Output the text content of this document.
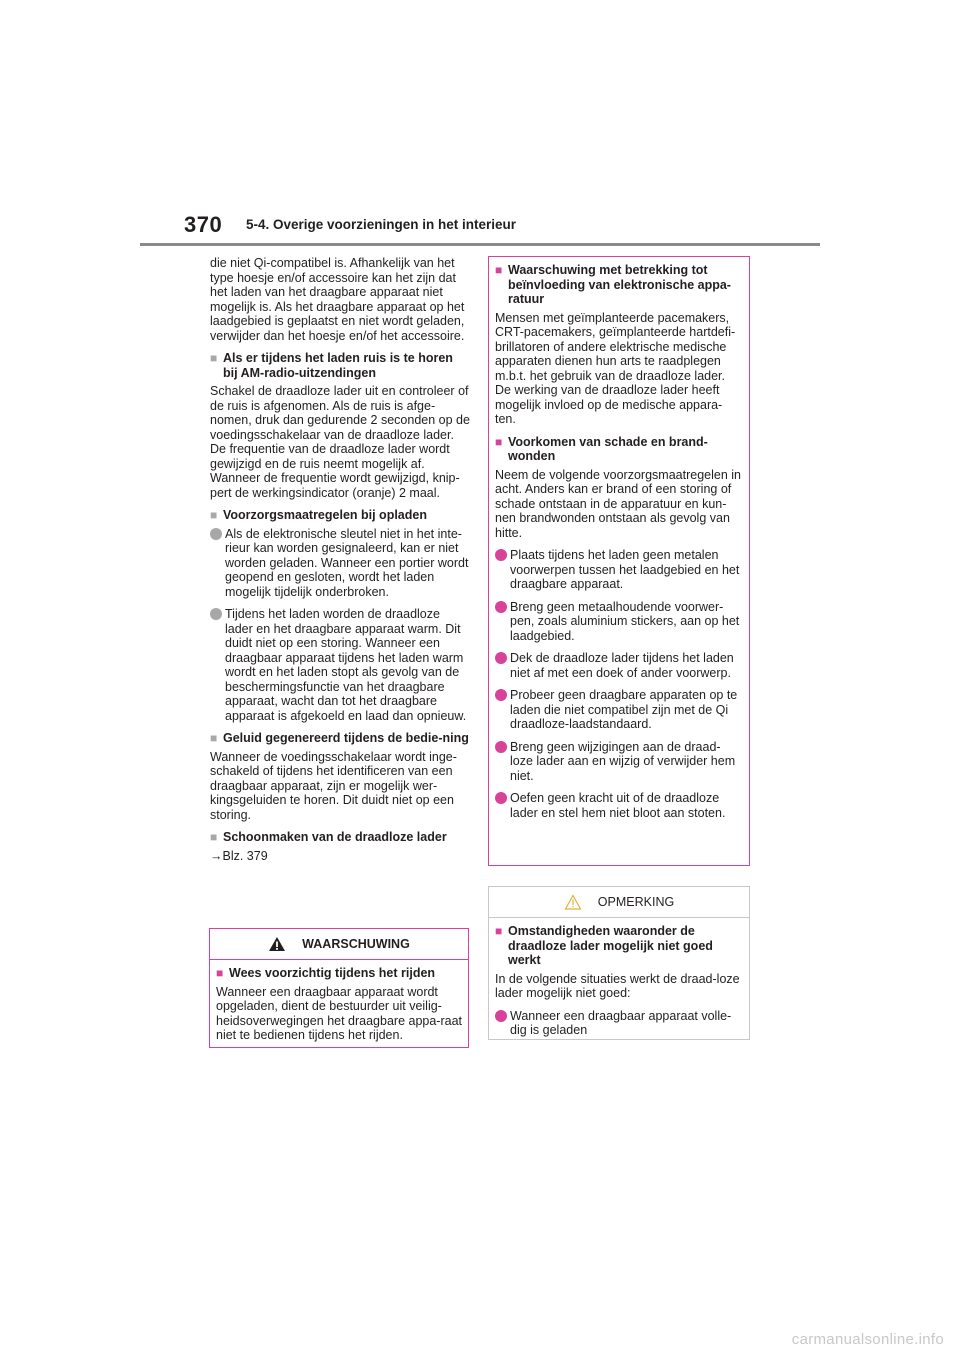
370 5-4. Overige voorzieningen in het interieur

die niet Qi-compatibel is. Afhankelijk van het type hoesje en/of accessoire kan het zijn dat het laden van het draagbare apparaat niet mogelijk is. Als het draagbare apparaat op het laadgebied is geplaatst en niet wordt geladen, verwijder dan het hoesje en/of het accessoire.

■
Als er tijdens het laden ruis is te horen bij AM-radio-uitzendingen

Schakel de draadloze lader uit en controleer of de ruis is afgenomen. Als de ruis is afge-nomen, druk dan gedurende 2 seconden op de voedingsschakelaar van de draadloze lader. De frequentie van de draadloze lader wordt gewijzigd en de ruis neemt mogelijk af. Wanneer de frequentie wordt gewijzigd, knip-pert de werkingsindicator (oranje) 2 maal.

■
Voorzorgsmaatregelen bij opladen
Als de elektronische sleutel niet in het inte-rieur kan worden gesignaleerd, kan er niet worden geladen. Wanneer een portier wordt geopend en gesloten, wordt het laden mogelijk tijdelijk onderbroken.
Tijdens het laden worden de draadloze lader en het draagbare apparaat warm. Dit duidt niet op een storing. Wanneer een draagbaar apparaat tijdens het laden warm wordt en het laden stopt als gevolg van de beschermingsfunctie van het draagbare apparaat, wacht dan tot het draagbare apparaat is afgekoeld en laad dan opnieuw.
■
Geluid gegenereerd tijdens de bedie-ning

Wanneer de voedingsschakelaar wordt inge-schakeld of tijdens het identificeren van een draagbaar apparaat, zijn er mogelijk wer-kingsgeluiden te horen. Dit duidt niet op een storing.

■
Schoonmaken van de draadloze lader

→Blz. 379

WAARSCHUWING
■
Wees voorzichtig tijdens het rijden

Wanneer een draagbaar apparaat wordt opgeladen, dient de bestuurder uit veilig-heidsoverwegingen het draagbare appa-raat niet te bedienen tijdens het rijden.

■
Waarschuwing met betrekking tot beïnvloeding van elektronische appa-ratuur

Mensen met geïmplanteerde pacemakers, CRT-pacemakers, geïmplanteerde hartdefi-brillatoren of andere elektrische medische apparaten dienen hun arts te raadplegen m.b.t. het gebruik van de draadloze lader. De werking van de draadloze lader heeft mogelijk invloed op de medische appara-ten.

■
Voorkomen van schade en brand-wonden

Neem de volgende voorzorgsmaatregelen in acht. Anders kan er brand of een storing of schade ontstaan in de apparatuur en kun-nen brandwonden ontstaan als gevolg van hitte.

Plaats tijdens het laden geen metalen voorwerpen tussen het laadgebied en het draagbare apparaat.
Breng geen metaalhoudende voorwer-pen, zoals aluminium stickers, aan op het laadgebied.
Dek de draadloze lader tijdens het laden niet af met een doek of ander voorwerp.
Probeer geen draagbare apparaten op te laden die niet compatibel zijn met de Qi draadloze-laadstandaard.
Breng geen wijzigingen aan de draad-loze lader aan en wijzig of verwijder hem niet.
Oefen geen kracht uit of de draadloze lader en stel hem niet bloot aan stoten.
OPMERKING
■
Omstandigheden waaronder de draadloze lader mogelijk niet goed werkt

In de volgende situaties werkt de draad-loze lader mogelijk niet goed:

Wanneer een draagbaar apparaat volle-dig is geladen
carmanualsonline.info
